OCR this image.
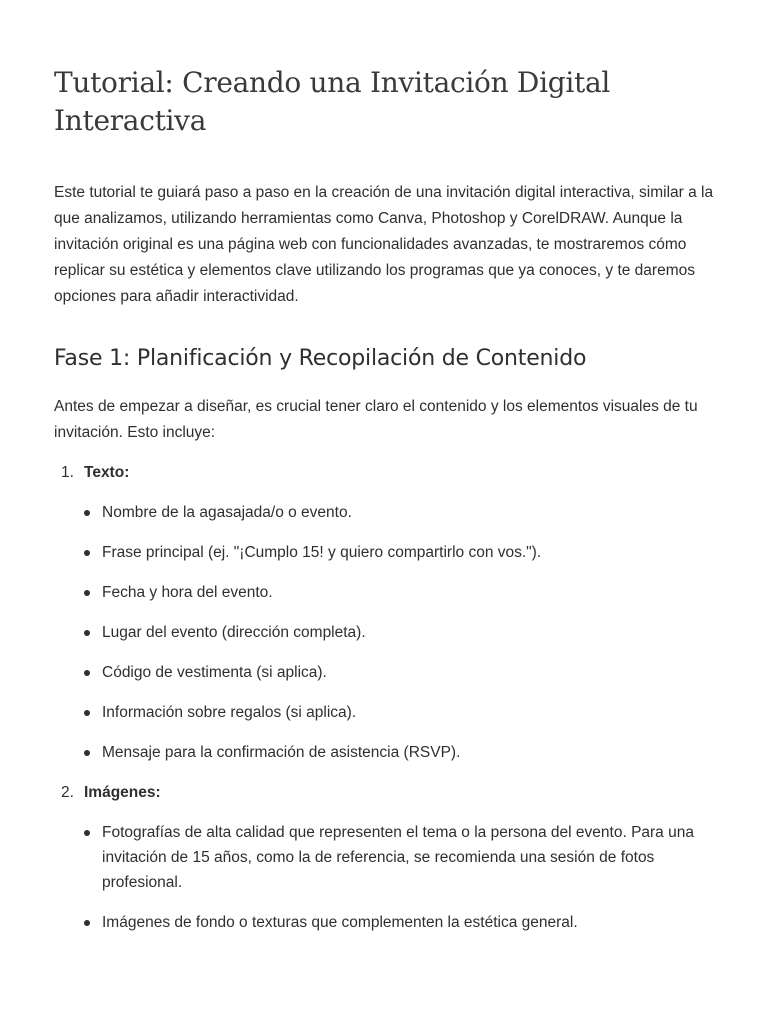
Tutorial: Creando una Invitación Digital Interactiva

Este tutorial te guiará paso a paso en la creación de una invitación digital interactiva, similar a la que analizamos, utilizando herramientas como Canva, Photoshop y CorelDRAW. Aunque la invitación original es una página web con funcionalidades avanzadas, te mostraremos cómo replicar su estética y elementos clave utilizando los programas que ya conoces, y te daremos opciones para añadir interactividad.

Fase 1: Planificación y Recopilación de Contenido

Antes de empezar a diseñar, es crucial tener claro el contenido y los elementos visuales de tu invitación. Esto incluye:

1. Texto:
Nombre de la agasajada/o o evento.
Frase principal (ej. "¡Cumplo 15! y quiero compartirlo con vos.").
Fecha y hora del evento.
Lugar del evento (dirección completa).
Código de vestimenta (si aplica).
Información sobre regalos (si aplica).
Mensaje para la confirmación de asistencia (RSVP).
2. Imágenes:
Fotografías de alta calidad que representen el tema o la persona del evento. Para una invitación de 15 años, como la de referencia, se recomienda una sesión de fotos profesional.
Imágenes de fondo o texturas que complementen la estética general.
